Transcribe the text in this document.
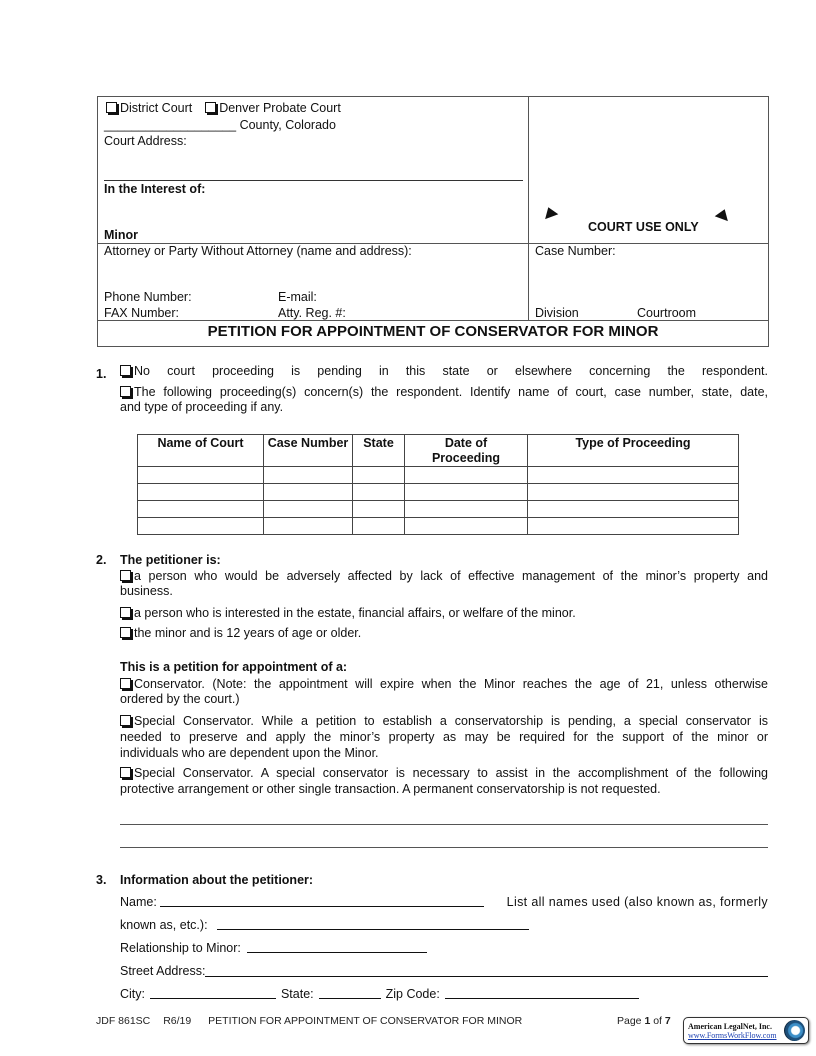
District Court Denver Probate Court
___________________ County, Colorado
Court Address:
In the Interest of:
Minor
COURT USE ONLY
Attorney or Party Without Attorney (name and address):
Phone Number:	E-mail:
FAX Number:	Atty. Reg. #:
Case Number:
Division	Courtroom
PETITION FOR APPOINTMENT OF CONSERVATOR FOR MINOR
1.	No court proceeding is pending in this state or elsewhere concerning the respondent.
The following proceeding(s) concern(s) the respondent. Identify name of court, case number, state, date,
and type of proceeding if any.
Name of Court	Case Number	State	Date of Proceeding	Type of Proceeding

2. The petitioner is:
a person who would be adversely affected by lack of effective management of the minor’s property and
business.
a person who is interested in the estate, financial affairs, or welfare of the minor.
the minor and is 12 years of age or older.
This is a petition for appointment of a:
Conservator. (Note: the appointment will expire when the Minor reaches the age of 21, unless otherwise
ordered by the court.)
Special Conservator. While a petition to establish a conservatorship is pending, a special conservator is
needed to preserve and apply the minor’s property as may be required for the support of the minor or
individuals who are dependent upon the Minor.
Special Conservator. A special conservator is necessary to assist in the accomplishment of the following
protective arrangement or other single transaction. A permanent conservatorship is not requested.
3. Information about the petitioner:
Name:	List all names used (also known as, formerly
known as, etc.):
Relationship to Minor:
Street Address:
City:	State:	Zip Code:
JDF 861SC R6/19 PETITION FOR APPOINTMENT OF CONSERVATOR FOR MINOR	Page 1 of 7 American LegalNet, Inc.
www.FormsWorkFlow.com
